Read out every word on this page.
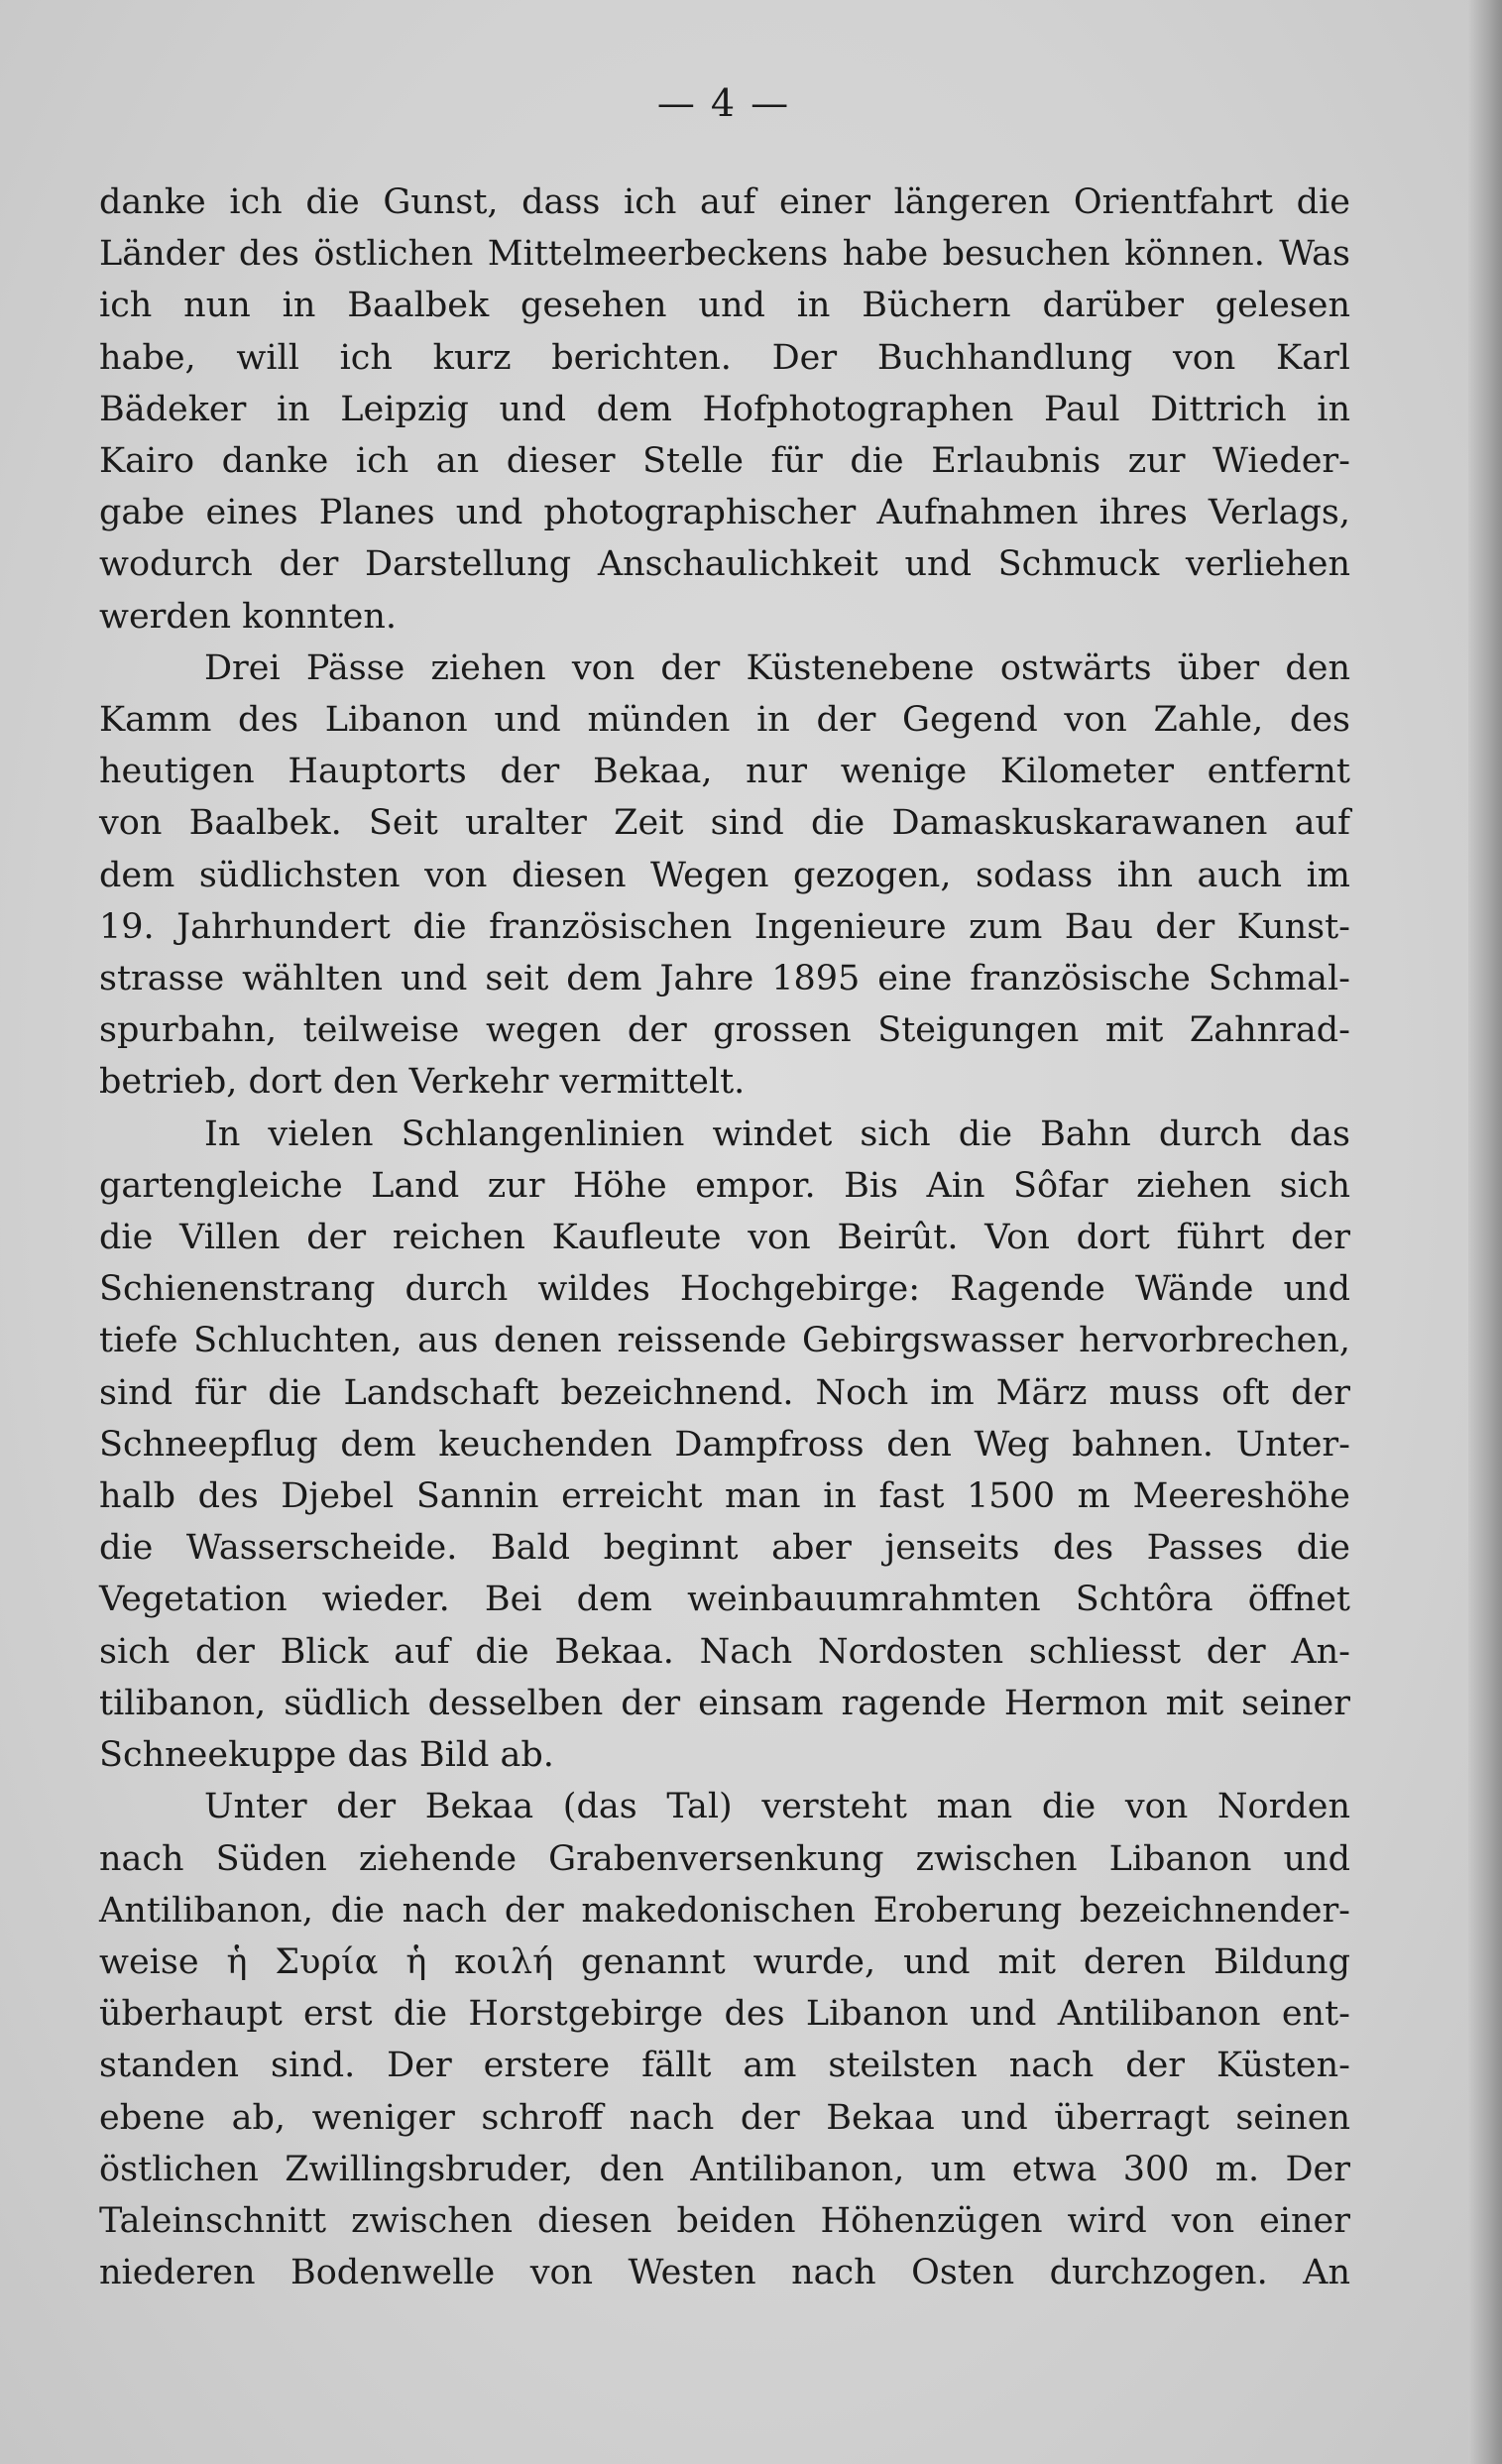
— 4 —
danke ich die Gunst, dass ich auf einer längeren Orientfahrt die
Länder des östlichen Mittelmeerbeckens habe besuchen können. Was
ich nun in Baalbek gesehen und in Büchern darüber gelesen
habe, will ich kurz berichten. Der Buchhandlung von Karl
Bädeker in Leipzig und dem Hofphotographen Paul Dittrich in
Kairo danke ich an dieser Stelle für die Erlaubnis zur Wieder-
gabe eines Planes und photographischer Aufnahmen ihres Verlags,
wodurch der Darstellung Anschaulichkeit und Schmuck verliehen
werden konnten.
Drei Pässe ziehen von der Küstenebene ostwärts über den
Kamm des Libanon und münden in der Gegend von Zahle, des
heutigen Hauptorts der Bekaa, nur wenige Kilometer entfernt
von Baalbek. Seit uralter Zeit sind die Damaskuskarawanen auf
dem südlichsten von diesen Wegen gezogen, sodass ihn auch im
19. Jahrhundert die französischen Ingenieure zum Bau der Kunst-
strasse wählten und seit dem Jahre 1895 eine französische Schmal-
spurbahn, teilweise wegen der grossen Steigungen mit Zahnrad-
betrieb, dort den Verkehr vermittelt.
In vielen Schlangenlinien windet sich die Bahn durch das
gartengleiche Land zur Höhe empor. Bis Ain Sôfar ziehen sich
die Villen der reichen Kaufleute von Beirût. Von dort führt der
Schienenstrang durch wildes Hochgebirge: Ragende Wände und
tiefe Schluchten, aus denen reissende Gebirgswasser hervorbrechen,
sind für die Landschaft bezeichnend. Noch im März muss oft der
Schneepflug dem keuchenden Dampfross den Weg bahnen. Unter-
halb des Djebel Sannin erreicht man in fast 1500 m Meereshöhe
die Wasserscheide. Bald beginnt aber jenseits des Passes die
Vegetation wieder. Bei dem weinbauumrahmten Schtôra öffnet
sich der Blick auf die Bekaa. Nach Nordosten schliesst der An-
tilibanon, südlich desselben der einsam ragende Hermon mit seiner
Schneekuppe das Bild ab.
Unter der Bekaa (das Tal) versteht man die von Norden
nach Süden ziehende Grabenversenkung zwischen Libanon und
Antilibanon, die nach der makedonischen Eroberung bezeichnender-
weise ἡ Συρία ἡ κοιλή genannt wurde, und mit deren Bildung
überhaupt erst die Horstgebirge des Libanon und Antilibanon ent-
standen sind. Der erstere fällt am steilsten nach der Küsten-
ebene ab, weniger schroff nach der Bekaa und überragt seinen
östlichen Zwillingsbruder, den Antilibanon, um etwa 300 m. Der
Taleinschnitt zwischen diesen beiden Höhenzügen wird von einer
niederen Bodenwelle von Westen nach Osten durchzogen. An
